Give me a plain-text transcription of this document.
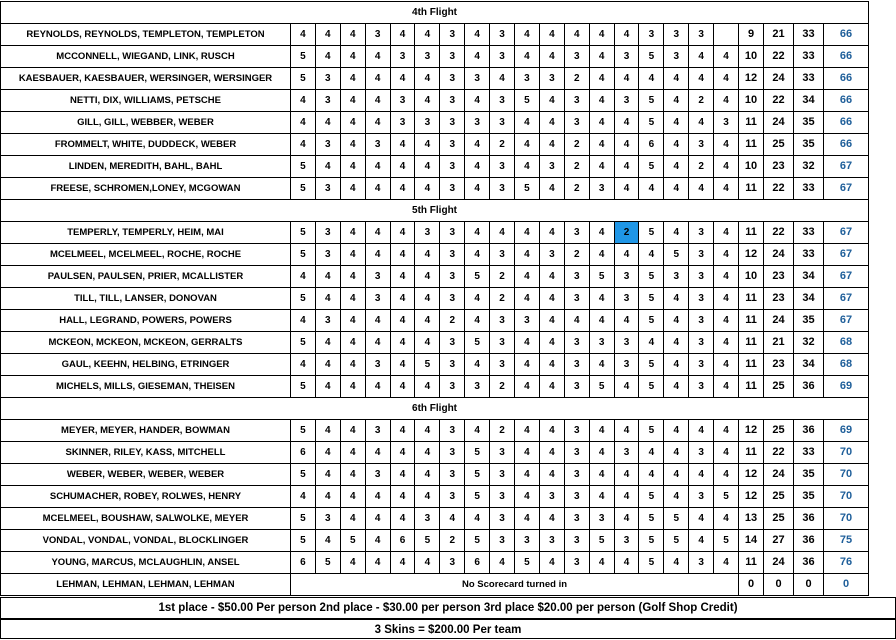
4th Flight																						
REYNOLDS, REYNOLDS, TEMPLETON, TEMPLETON	4	4	4	3	4	4	3	4	3	4	4	4	4	4	3	3	3		9	21	33	66
MCCONNELL, WIEGAND, LINK, RUSCH	5	4	4	4	3	3	3	4	3	4	4	3	4	3	5	3	4	4	10	22	33	66
KAESBAUER, KAESBAUER, WERSINGER, WERSINGER	5	3	4	4	4	4	3	3	4	3	3	2	4	4	4	4	4	4	12	24	33	66
NETTI, DIX, WILLIAMS, PETSCHE	4	3	4	4	3	4	3	4	3	5	4	3	4	3	5	4	2	4	10	22	34	66
GILL, GILL, WEBBER, WEBER	4	4	4	4	3	3	3	3	3	4	4	3	4	4	5	4	4	3	11	24	35	66
FROMMELT, WHITE, DUDDECK, WEBER	4	3	4	3	4	4	3	4	2	4	4	2	4	4	6	4	3	4	11	25	35	66
LINDEN, MEREDITH, BAHL, BAHL	5	4	4	4	4	4	3	4	3	4	3	2	4	4	5	4	2	4	10	23	32	67
FREESE, SCHROMEN,LONEY, MCGOWAN	5	3	4	4	4	4	3	4	3	5	4	2	3	4	4	4	4	4	11	22	33	67
5th Flight																						
TEMPERLY, TEMPERLY, HEIM, MAI	5	3	4	4	4	3	3	4	4	4	4	3	4	2	5	4	3	4	11	22	33	67
MCELMEEL, MCELMEEL, ROCHE, ROCHE	5	3	4	4	4	4	3	4	3	4	3	2	4	4	4	5	3	4	12	24	33	67
PAULSEN, PAULSEN, PRIER, MCALLISTER	4	4	4	3	4	4	3	5	2	4	4	3	5	3	5	3	3	4	10	23	34	67
TILL, TILL, LANSER, DONOVAN	5	4	4	3	4	4	3	4	2	4	4	3	4	3	5	4	3	4	11	23	34	67
HALL, LEGRAND, POWERS, POWERS	4	3	4	4	4	4	2	4	3	3	4	4	4	4	5	4	3	4	11	24	35	67
MCKEON, MCKEON, MCKEON, GERRALTS	5	4	4	4	4	4	3	5	3	4	4	3	3	3	4	4	3	4	11	21	32	68
GAUL, KEEHN, HELBING, ETRINGER	4	4	4	3	4	5	3	4	3	4	4	3	4	3	5	4	3	4	11	23	34	68
MICHELS, MILLS, GIESEMAN, THEISEN	5	4	4	4	4	4	3	3	2	4	4	3	5	4	5	4	3	4	11	25	36	69
6th Flight																						
MEYER, MEYER, HANDER, BOWMAN	5	4	4	3	4	4	3	4	2	4	4	3	4	4	5	4	4	4	12	25	36	69
SKINNER, RILEY, KASS, MITCHELL	6	4	4	4	4	4	3	5	3	4	4	3	4	3	4	4	3	4	11	22	33	70
WEBER, WEBER, WEBER, WEBER	5	4	4	3	4	4	3	5	3	4	4	3	4	4	4	4	4	4	12	24	35	70
SCHUMACHER, ROBEY, ROLWES, HENRY	4	4	4	4	4	4	3	5	3	4	3	3	4	4	5	4	3	5	12	25	35	70
MCELMEEL, BOUSHAW, SALWOLKE, MEYER	5	3	4	4	4	3	4	4	3	4	4	3	3	4	5	5	4	4	13	25	36	70
VONDAL, VONDAL, VONDAL, BLOCKLINGER	5	4	5	4	6	5	2	5	3	3	3	3	5	3	5	5	4	5	14	27	36	75
YOUNG, MARCUS, MCLAUGHLIN, ANSEL	6	5	4	4	4	4	3	6	4	5	4	3	4	4	5	4	3	4	11	24	36	76
LEHMAN, LEHMAN, LEHMAN, LEHMAN	No Scorecard turned in																		0	0	0	0
1st place - $50.00 Per person 2nd place - $30.00 per person 3rd place $20.00 per person (Golf Shop Credit)
3 Skins = $200.00 Per team
